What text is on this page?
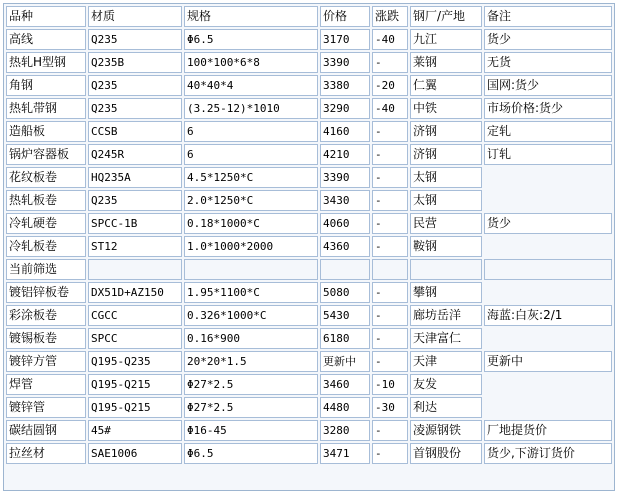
品种	材质	规格	价格	涨跌	钢厂/产地	备注
高线	Q235	Φ6.5	3170	-40	九江	货少
热轧H型钢	Q235B	100*100*6*8	3390	-	莱钢	无货
角钢	Q235	40*40*4	3380	-20	仁翼	国网:货少
热轧带钢	Q235	(3.25-12)*1010	3290	-40	中铁	市场价格:货少
造船板	CCSB	6	4160	-	济钢	定轧
锅炉容器板	Q245R	6	4210	-	济钢	订轧
花纹板卷	HQ235A	4.5*1250*C	3390	-	太钢	
热轧板卷	Q235	2.0*1250*C	3430	-	太钢	
冷轧硬卷	SPCC-1B	0.18*1000*C	4060	-	民营	货少
冷轧板卷	ST12	1.0*1000*2000	4360	-	鞍钢	
当前筛选						
镀铝锌板卷	DX51D+AZ150	1.95*1100*C	5080	-	攀钢	
彩涂板卷	CGCC	0.326*1000*C	5430	-	廊坊岳洋	海蓝:白灰:2/1
镀锡板卷	SPCC	0.16*900	6180	-	天津富仁	
镀锌方管	Q195-Q235	20*20*1.5	更新中	-	天津	更新中
焊管	Q195-Q215	Φ27*2.5	3460	-10	友发	
镀锌管	Q195-Q215	Φ27*2.5	4480	-30	利达	
碳结圆钢	45#	Φ16-45	3280	-	凌源钢铁	厂地提货价
拉丝材	SAE1006	Φ6.5	3471	-	首钢股份	货少,下游订货价
